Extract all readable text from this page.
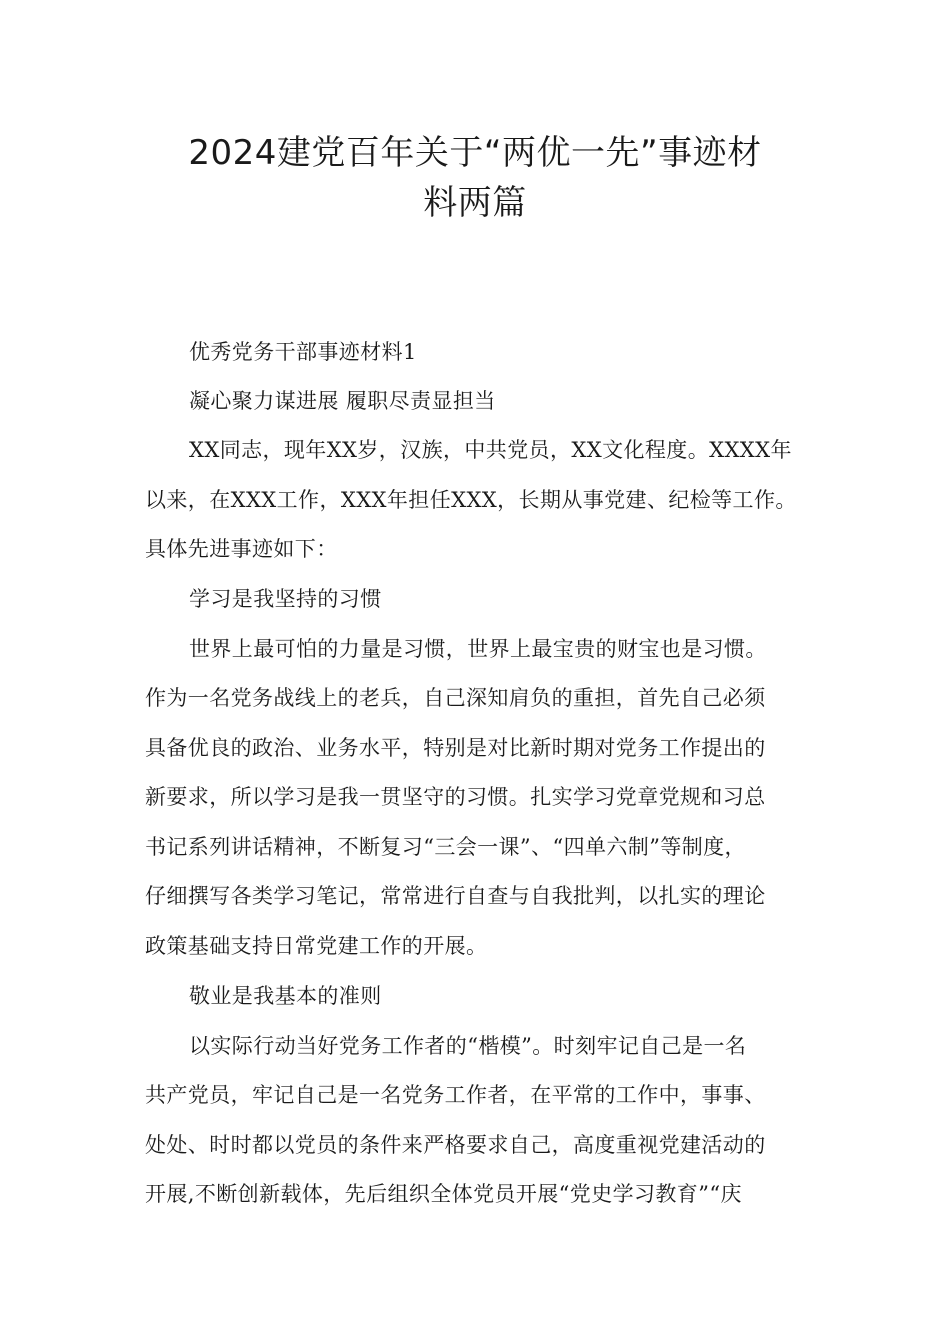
2024建党百年关于“两优一先”事迹材
料两篇
优秀党务干部事迹材料1
凝心聚力谋进展 履职尽责显担当
XX同志，现年XX岁，汉族，中共党员，XX文化程度。XXXX年
以来，在XXX工作，XXX年担任XXX，长期从事党建、纪检等工作。
具体先进事迹如下：
学习是我坚持的习惯
世界上最可怕的力量是习惯，世界上最宝贵的财宝也是习惯。
作为一名党务战线上的老兵，自己深知肩负的重担，首先自己必须
具备优良的政治、业务水平，特别是对比新时期对党务工作提出的
新要求，所以学习是我一贯坚守的习惯。扎实学习党章党规和习总
书记系列讲话精神，不断复习“三会一课”、“四单六制”等制度，
仔细撰写各类学习笔记，常常进行自查与自我批判，以扎实的理论
政策基础支持日常党建工作的开展。
敬业是我基本的准则
以实际行动当好党务工作者的“楷模”。时刻牢记自己是一名
共产党员，牢记自己是一名党务工作者，在平常的工作中，事事、
处处、时时都以党员的条件来严格要求自己，高度重视党建活动的
开展,不断创新载体，先后组织全体党员开展“党史学习教育”“庆
